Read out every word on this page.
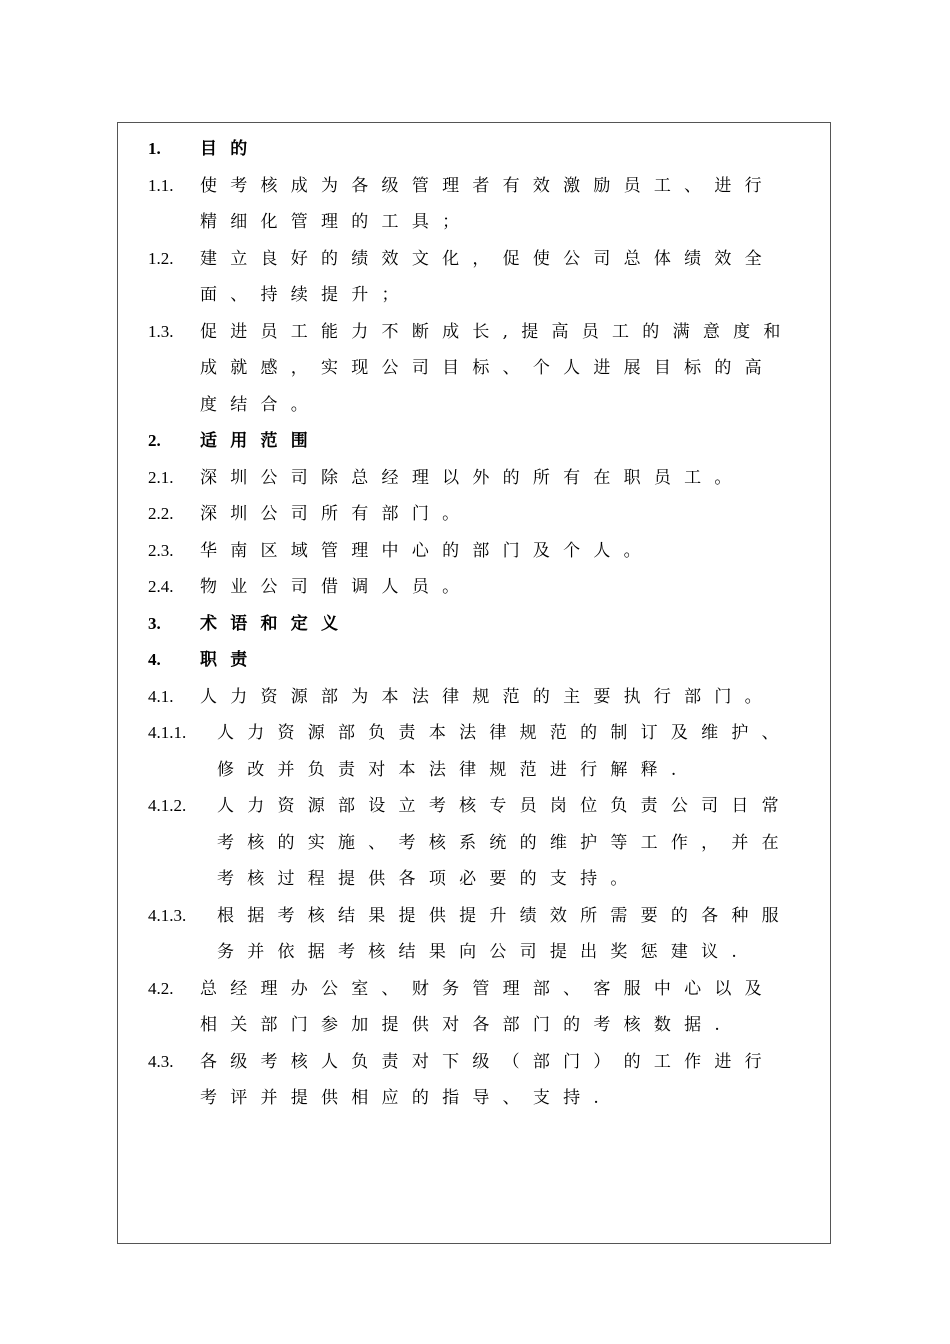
1.	目的
1.1.	使考核成为各级管理者有效激励员工、进行精细化管理的工具；
1.2.	建立良好的绩效文化，促使公司总体绩效全面、持续提升；
1.3.	促进员工能力不断成长,提高员工的满意度和成就感，实现公司目标、个人进展目标的高度结合。
2.	适用范围
2.1.	深圳公司除总经理以外的所有在职员工。
2.2.	深圳公司所有部门。
2.3.	华南区域管理中心的部门及个人。
2.4.	物业公司借调人员。
3.	术语和定义
4.	职责
4.1.	人力资源部为本法律规范的主要执行部门。
4.1.1.	人力资源部负责本法律规范的制订及维护、修改并负责对本法律规范进行解释.
4.1.2.	人力资源部设立考核专员岗位负责公司日常考核的实施、考核系统的维护等工作，并在考核过程提供各项必要的支持。
4.1.3.	根据考核结果提供提升绩效所需要的各种服务并依据考核结果向公司提出奖惩建议.
4.2.	总经理办公室、财务管理部、客服中心以及相关部门参加提供对各部门的考核数据.
4.3.	各级考核人负责对下级（部门）的工作进行考评并提供相应的指导、支持.
